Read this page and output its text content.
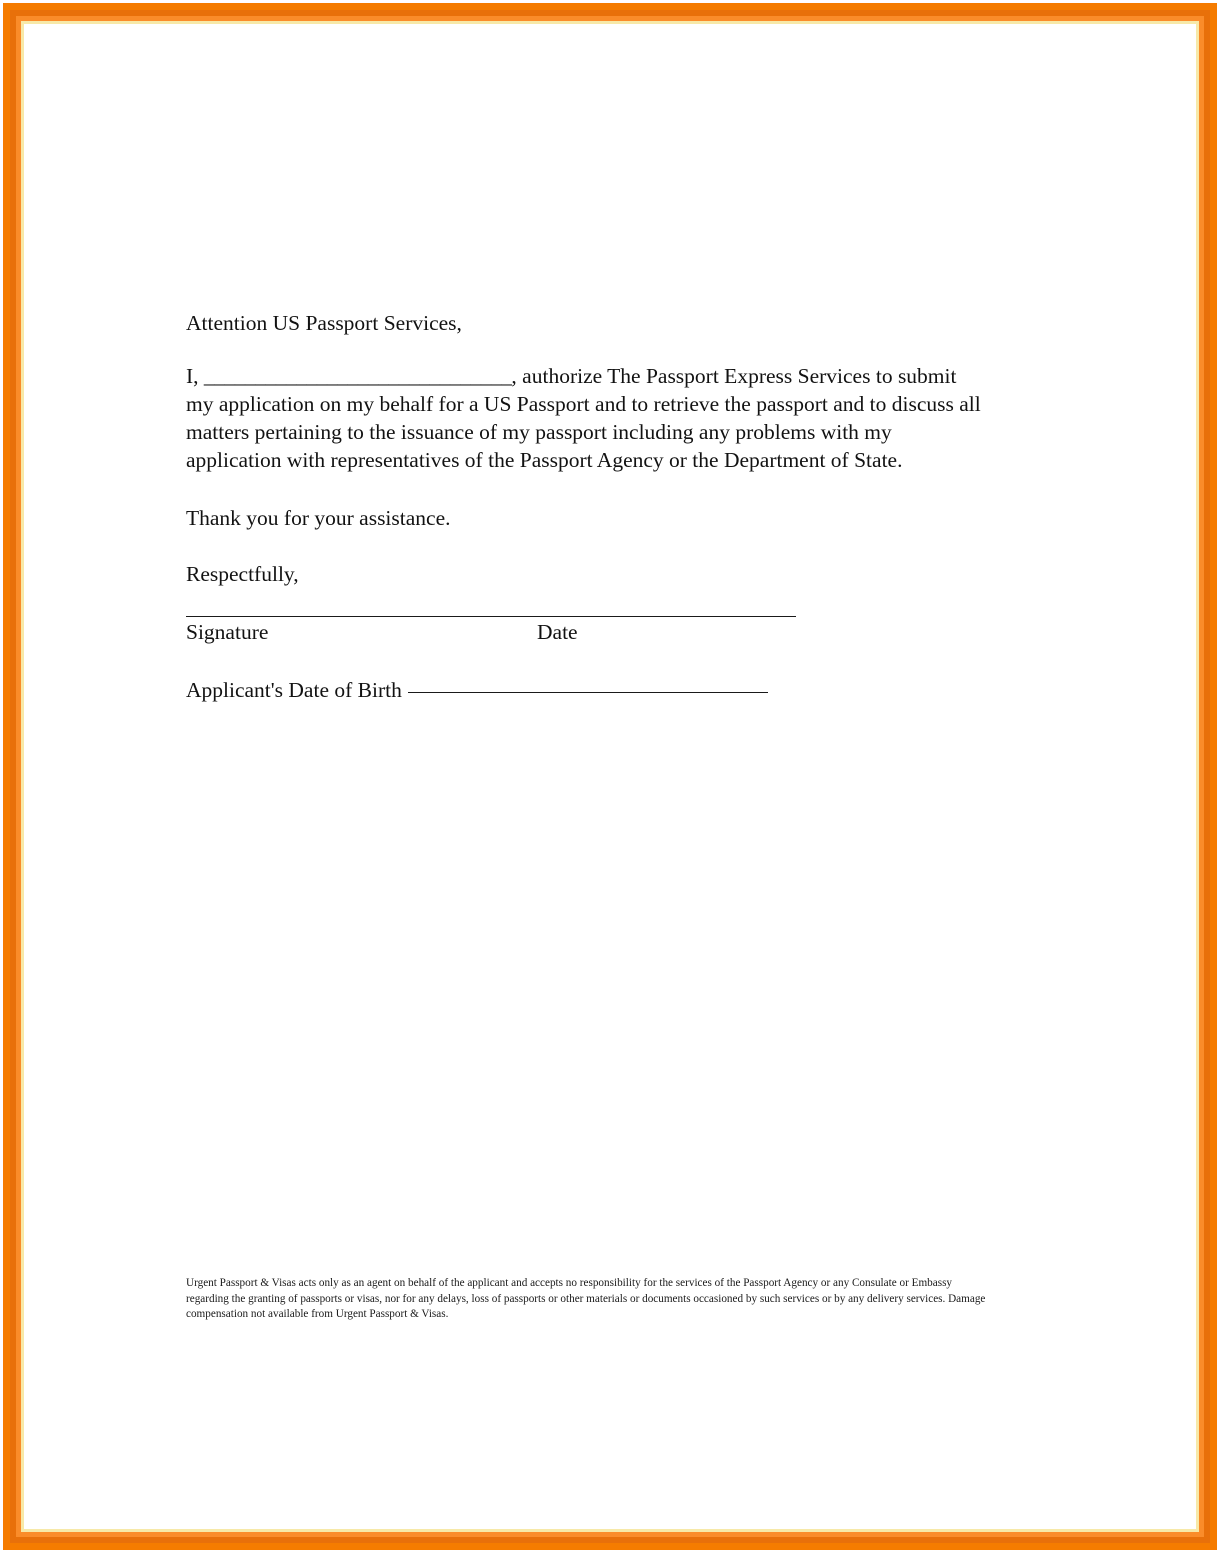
Attention US Passport Services,

I, ______________________________, authorize The Passport Express Services to submit my application on my behalf for a US Passport and to retrieve the passport and to discuss all matters pertaining to the issuance of my passport including any problems with my application with representatives of the Passport Agency or the Department of State.

Thank you for your assistance.

Respectfully,

Signature	Date
Applicant's Date of Birth
Urgent Passport & Visas acts only as an agent on behalf of the applicant and accepts no responsibility for the services of the Passport Agency or any Consulate or Embassy regarding the granting of passports or visas, nor for any delays, loss of passports or other materials or documents occasioned by such services or by any delivery services. Damage compensation not available from Urgent Passport & Visas.
